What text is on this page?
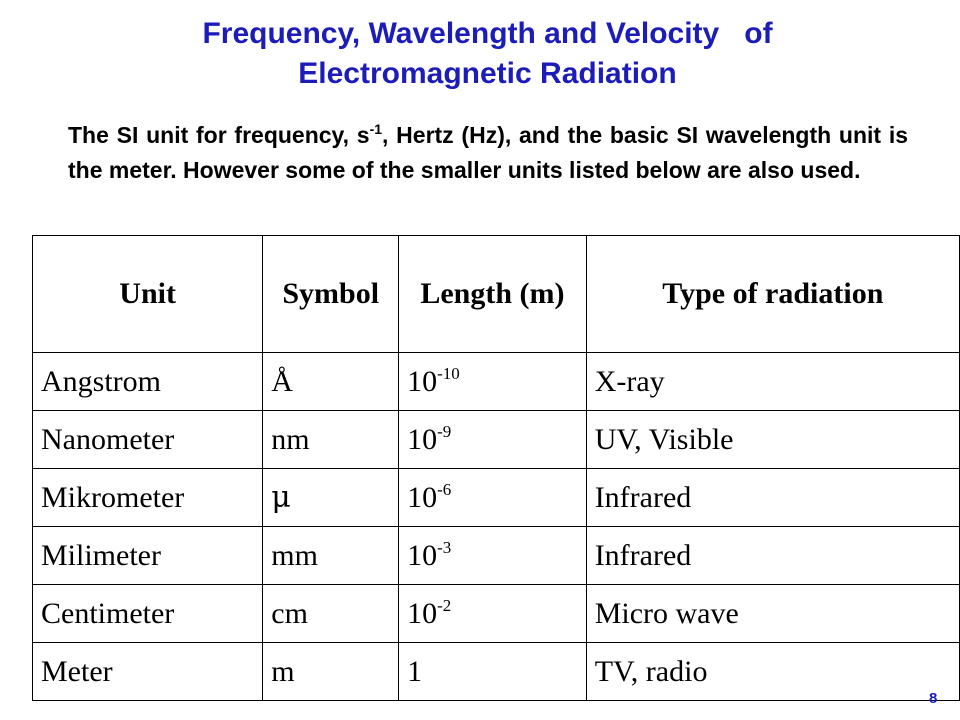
Frequency, Wavelength and Velocity   of
Electromagnetic Radiation
The SI unit for frequency, $s^{-1}$, Hertz (Hz), and the basic SI wavelength unit is the meter. However some of the smaller units listed below are also used.
Unit	Symbol	Length (m)	Type of radiation
Angstrom	Å	$10^{-10}$	X-ray
Nanometer	nm	$10^{-9}$	UV, Visible
Mikrometer	μ	$10^{-6}$	Infrared
Milimeter	mm	$10^{-3}$	Infrared
Centimeter	cm	$10^{-2}$	Micro wave
Meter	m	1	TV, radio
8
